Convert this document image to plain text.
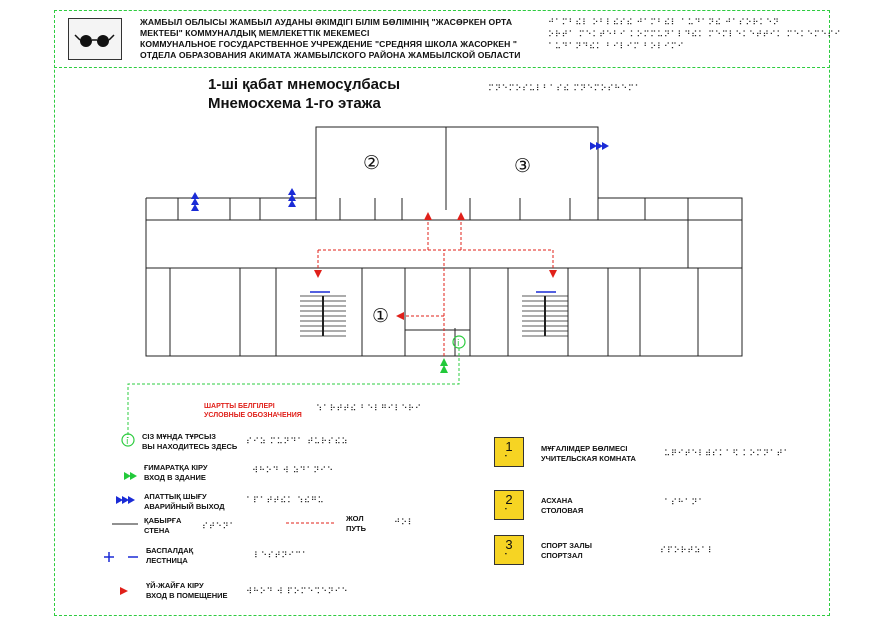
ЖАМБЫЛ ОБЛЫСЫ ЖАМБЫЛ АУДАНЫ ӘКІМДІГІ БІЛІМ БӨЛІМІНІҢ "ЖАСӨРКЕН ОРТА
МЕКТЕБІ" КОММУНАЛДЫҚ МЕМЛЕКЕТТІК МЕКЕМЕСІ
КОММУНАЛЬНОЕ ГОСУДАРСТВЕННОЕ УЧРЕЖДЕНИЕ "СРЕДНЯЯ ШКОЛА ЖАСОРКЕН "
ОТДЕЛА ОБРАЗОВАНИЯ АКИМАТА ЖАМБЫЛСКОГО РАЙОНА ЖАМБЫЛСКОЙ ОБЛАСТИ
⠚⠁⠍⠃⠮⠇ ⠕⠃⠇⠮⠎⠮ ⠚⠁⠍⠃⠮⠇ ⠁⠥⠙⠁⠝⠮ ⠚⠁⠎⠕⠗⠅⠑⠝
⠕⠗⠞⠁ ⠍⠑⠅⠞⠑⠃⠊ ⠅⠕⠍⠍⠥⠝⠁⠇⠙⠮⠅ ⠍⠑⠍⠇⠑⠅⠑⠞⠞⠊⠅ ⠍⠑⠅⠑⠍⠑⠎⠊
⠁⠥⠙⠁⠝⠙⠮⠅ ⠃⠊⠇⠊⠍ ⠃⠕⠇⠊⠍⠊
1-ші қабат мнемосұлбасы
Мнемосхема 1-го этажа
⠍⠝⠑⠍⠕⠎⠥⠇⠃⠁⠎⠮ ⠍⠝⠑⠍⠕⠎⠓⠑⠍⠁
②	③
①
i
i
ШАРТТЫ БЕЛГІЛЕРІ
УСЛОВНЫЕ ОБОЗНАЧЕНИЯ
⠱⠁⠗⠞⠞⠮ ⠃⠑⠇⠛⠊⠇⠑⠗⠊
СІЗ МҰНДА ТҰРСЫЗ
ВЫ НАХОДИТЕСЬ ЗДЕСЬ ⠎⠊⠵ ⠍⠥⠝⠙⠁ ⠞⠥⠗⠎⠮⠵
ҒИМАРАТҚА КІРУ
ВХОД В ЗДАНИЕ
⠺⠓⠕⠙ ⠺ ⠵⠙⠁⠝⠊⠑
АПАТТЫҚ ШЫҒУ
АВАРИЙНЫЙ ВЫХОД
⠁⠏⠁⠞⠞⠮⠅ ⠱⠮⠛⠥
ҚАБЫРҒА
СТЕНА	⠎⠞⠑⠝⠁
ЖОЛ
ПУТЬ
⠚⠕⠇
БАСПАЛДАҚ
ЛЕСТНИЦА	⠇⠑⠎⠞⠝⠊⠉⠁
ҮЙ-ЖАЙҒА КІРУ
ВХОД В ПОМЕЩЕНИЕ ⠺⠓⠕⠙ ⠺ ⠏⠕⠍⠑⠩⠑⠝⠊⠑
1
⠁
МҰҒАЛІМДЕР БӨЛМЕСІ
УЧИТЕЛЬСКАЯ КОМНАТА	⠥⠟⠊⠞⠑⠇⠾⠎⠅⠁⠫ ⠅⠕⠍⠝⠁⠞⠁
2
⠁
АСХАНА
СТОЛОВАЯ
⠁⠎⠓⠁⠝⠁
3
⠁
СПОРТ ЗАЛЫ
СПОРТЗАЛ	⠎⠏⠕⠗⠞⠵⠁⠇
